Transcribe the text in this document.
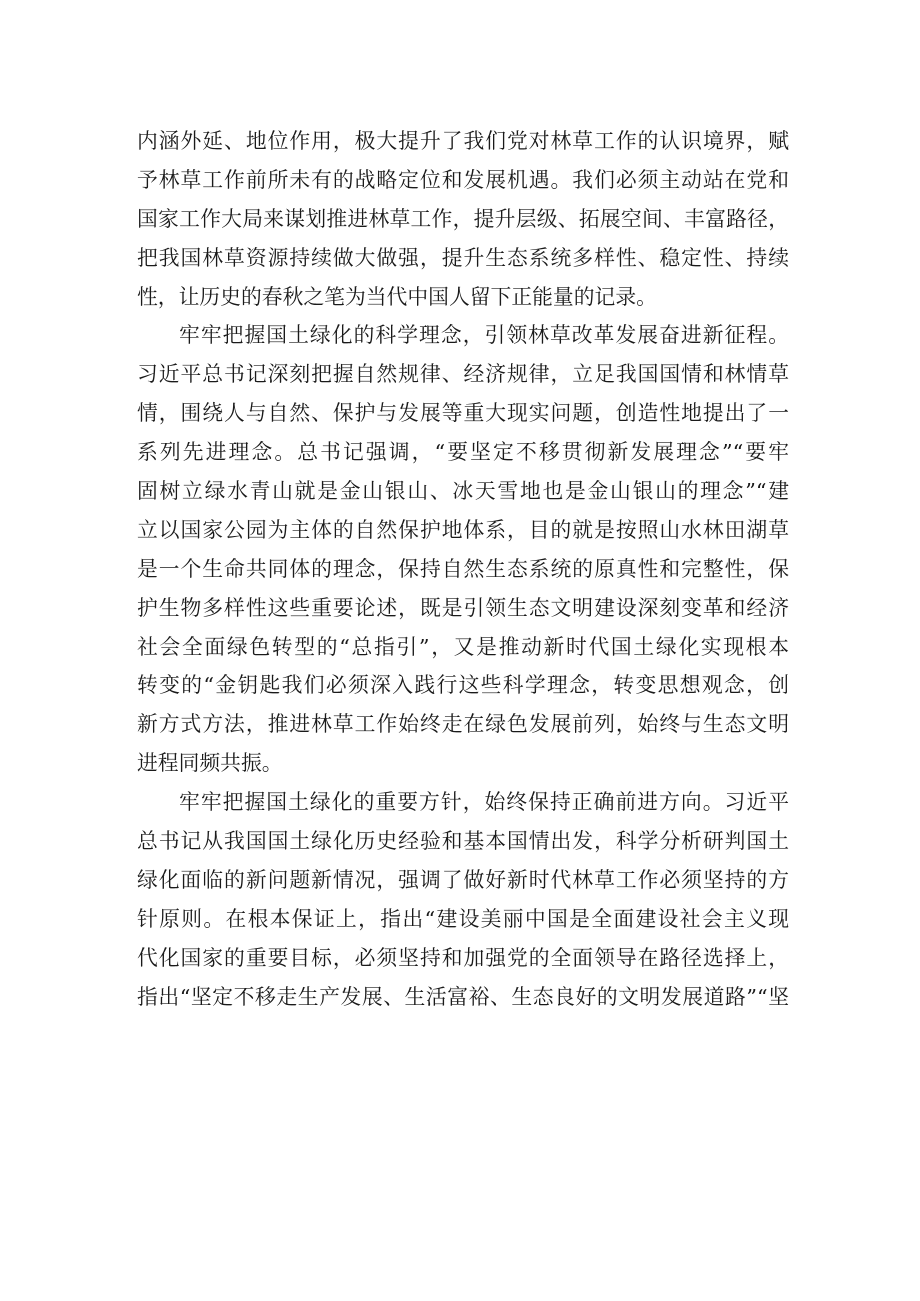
内涵外延、地位作用，极大提升了我们党对林草工作的认识境界，赋
予林草工作前所未有的战略定位和发展机遇。我们必须主动站在党和
国家工作大局来谋划推进林草工作，提升层级、拓展空间、丰富路径，
把我国林草资源持续做大做强，提升生态系统多样性、稳定性、持续
性，让历史的春秋之笔为当代中国人留下正能量的记录。
牢牢把握国土绿化的科学理念，引领林草改革发展奋进新征程。
习近平总书记深刻把握自然规律、经济规律，立足我国国情和林情草
情，围绕人与自然、保护与发展等重大现实问题，创造性地提出了一
系列先进理念。总书记强调，“要坚定不移贯彻新发展理念”“要牢
固树立绿水青山就是金山银山、冰天雪地也是金山银山的理念”“建
立以国家公园为主体的自然保护地体系，目的就是按照山水林田湖草
是一个生命共同体的理念，保持自然生态系统的原真性和完整性，保
护生物多样性这些重要论述，既是引领生态文明建设深刻变革和经济
社会全面绿色转型的“总指引”，又是推动新时代国土绿化实现根本
转变的“金钥匙我们必须深入践行这些科学理念，转变思想观念，创
新方式方法，推进林草工作始终走在绿色发展前列，始终与生态文明
进程同频共振。
牢牢把握国土绿化的重要方针，始终保持正确前进方向。习近平
总书记从我国国土绿化历史经验和基本国情出发，科学分析研判国土
绿化面临的新问题新情况，强调了做好新时代林草工作必须坚持的方
针原则。在根本保证上，指出“建设美丽中国是全面建设社会主义现
代化国家的重要目标，必须坚持和加强党的全面领导在路径选择上，
指出“坚定不移走生产发展、生活富裕、生态良好的文明发展道路”“坚
